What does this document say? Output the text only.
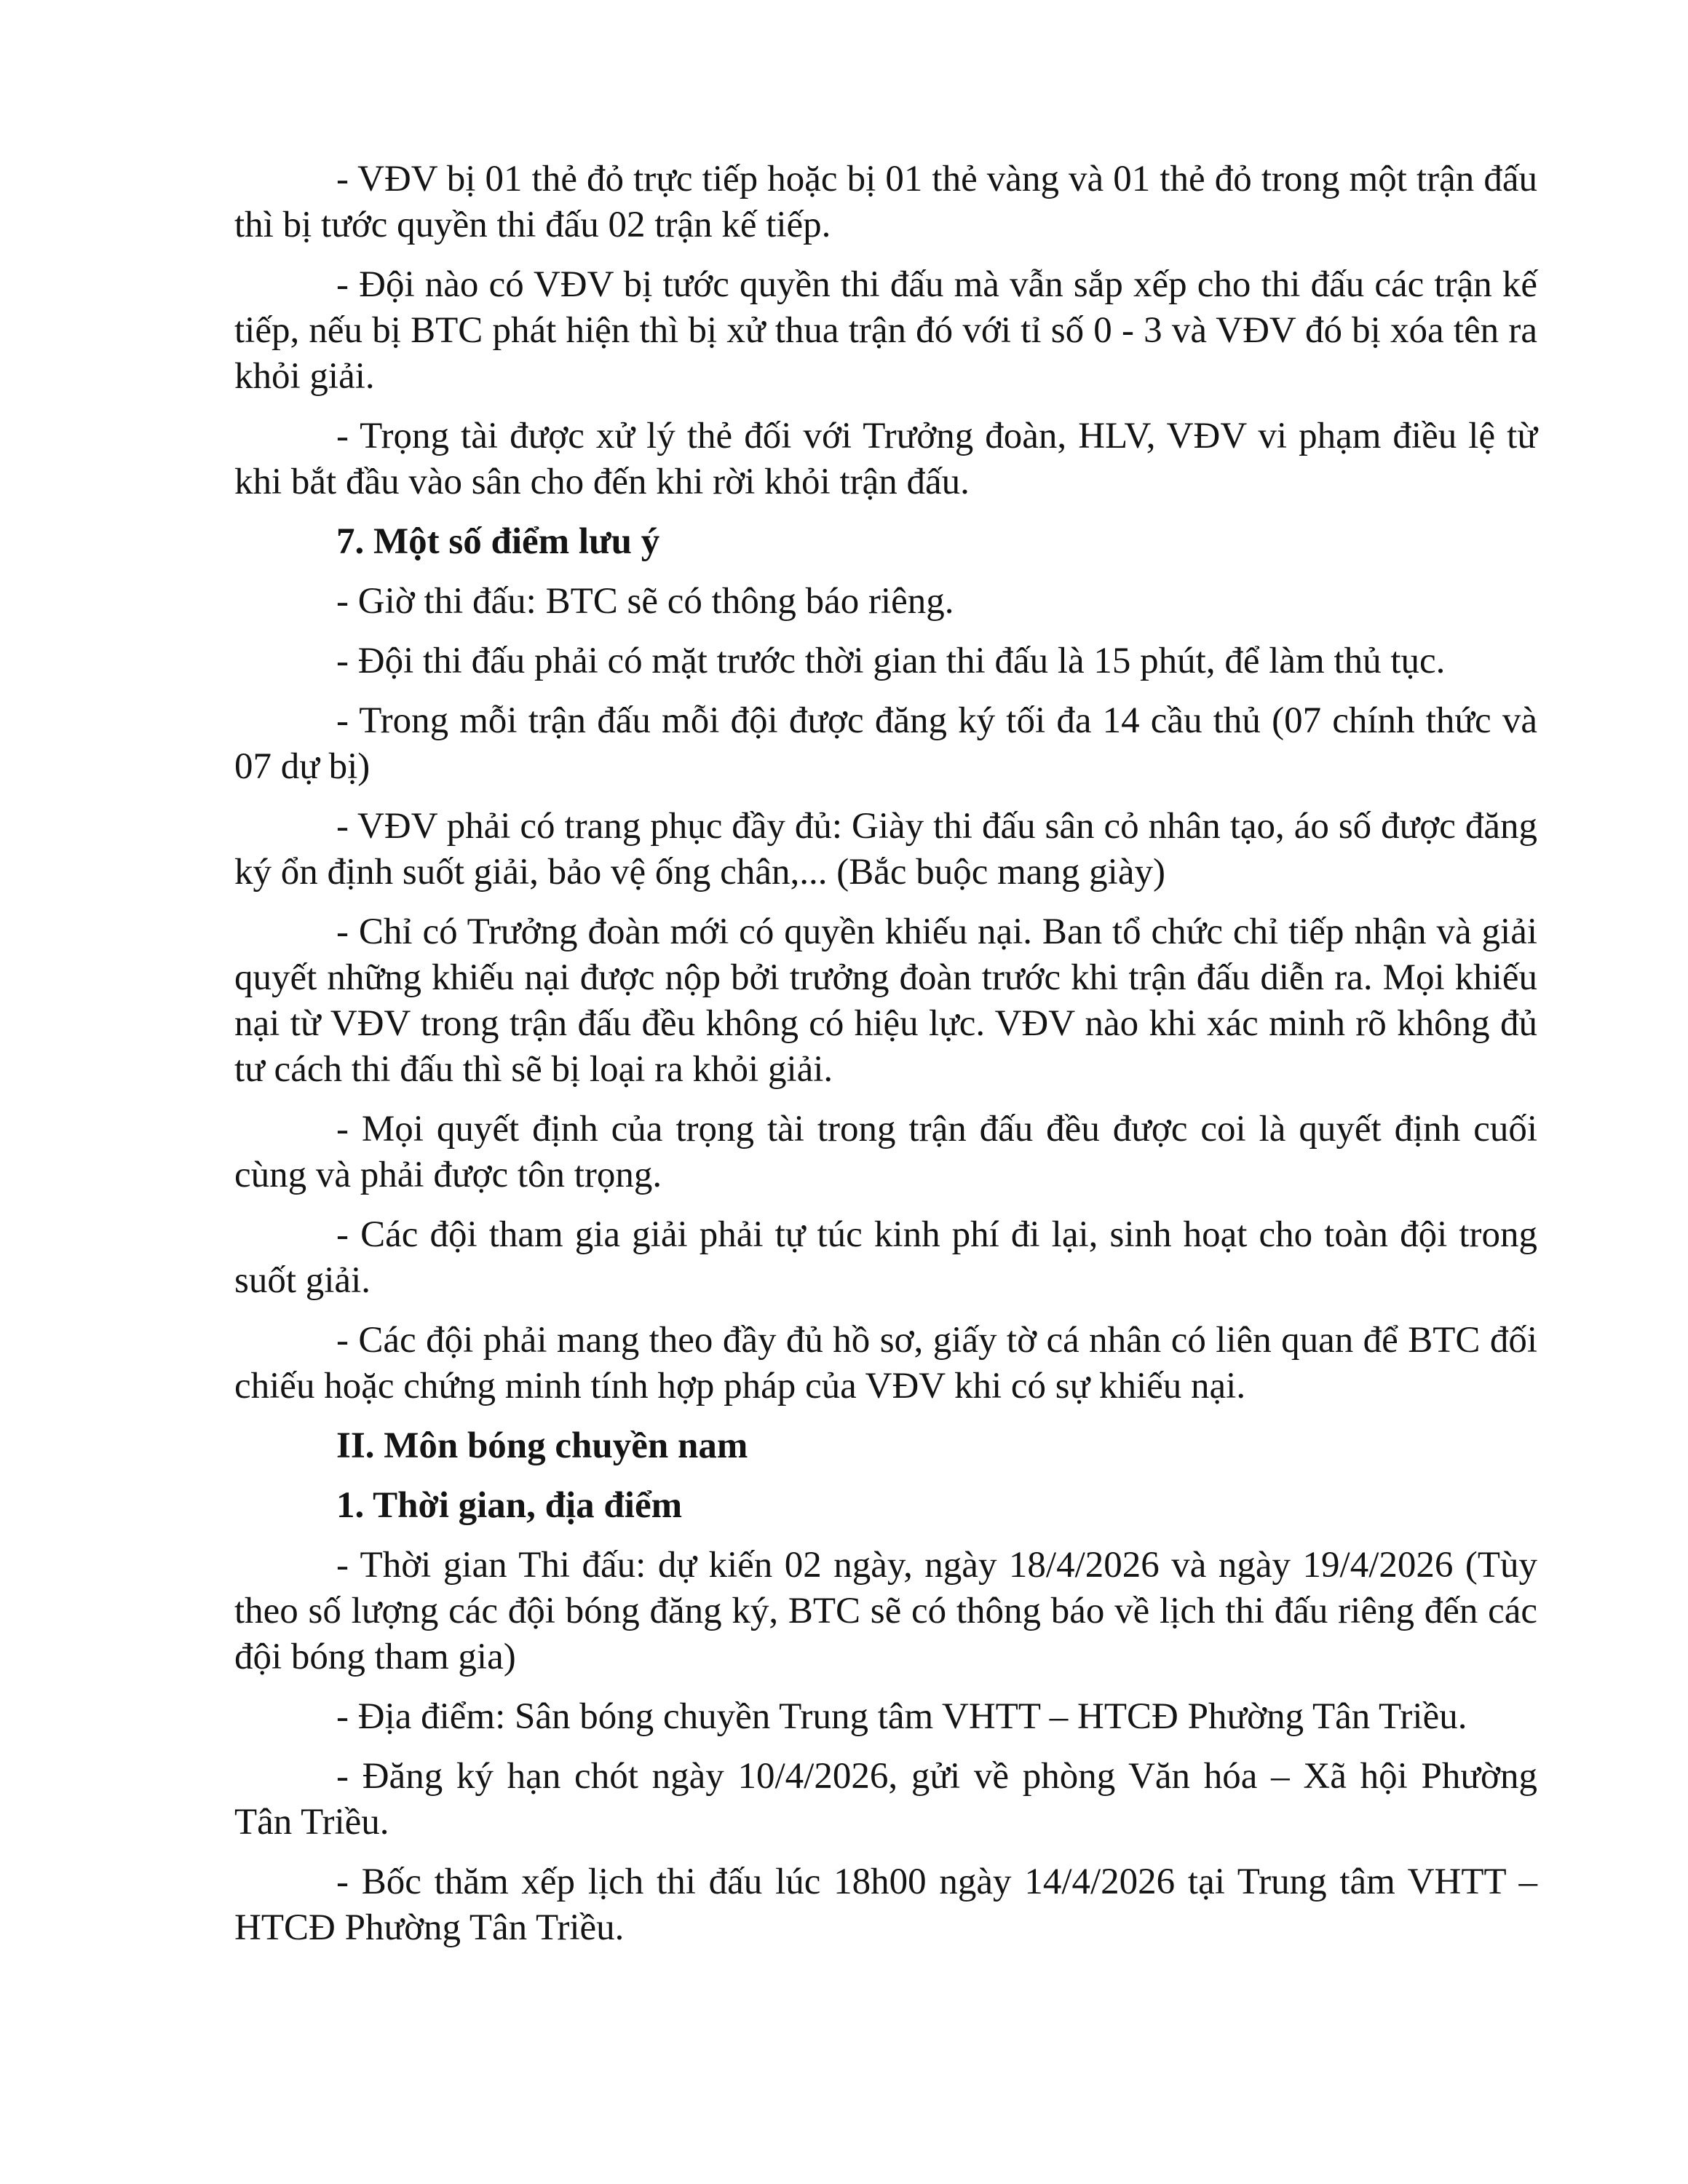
- VĐV bị 01 thẻ đỏ trực tiếp hoặc bị 01 thẻ vàng và 01 thẻ đỏ trong một trận đấu thì bị tước quyền thi đấu 02 trận kế tiếp.
- Đội nào có VĐV bị tước quyền thi đấu mà vẫn sắp xếp cho thi đấu các trận kế tiếp, nếu bị BTC phát hiện thì bị xử thua trận đó với tỉ số 0 - 3 và VĐV đó bị xóa tên ra khỏi giải.
- Trọng tài được xử lý thẻ đối với Trưởng đoàn, HLV, VĐV vi phạm điều lệ từ khi bắt đầu vào sân cho đến khi rời khỏi trận đấu.
7. Một số điểm lưu ý
- Giờ thi đấu: BTC sẽ có thông báo riêng.
- Đội thi đấu phải có mặt trước thời gian thi đấu là 15 phút, để làm thủ tục.
- Trong mỗi trận đấu mỗi đội được đăng ký tối đa 14 cầu thủ (07 chính thức và 07 dự bị)
- VĐV phải có trang phục đầy đủ: Giày thi đấu sân cỏ nhân tạo, áo số được đăng ký ổn định suốt giải, bảo vệ ống chân,... (Bắc buộc mang giày)
- Chỉ có Trưởng đoàn mới có quyền khiếu nại. Ban tổ chức chỉ tiếp nhận và giải quyết những khiếu nại được nộp bởi trưởng đoàn trước khi trận đấu diễn ra. Mọi khiếu nại từ VĐV trong trận đấu đều không có hiệu lực. VĐV nào khi xác minh rõ không đủ tư cách thi đấu thì sẽ bị loại ra khỏi giải.
- Mọi quyết định của trọng tài trong trận đấu đều được coi là quyết định cuối cùng và phải được tôn trọng.
- Các đội tham gia giải phải tự túc kinh phí đi lại, sinh hoạt cho toàn đội trong suốt giải.
- Các đội phải mang theo đầy đủ hồ sơ, giấy tờ cá nhân có liên quan để BTC đối chiếu hoặc chứng minh tính hợp pháp của VĐV khi có sự khiếu nại.
II. Môn bóng chuyền nam
1. Thời gian, địa điểm
- Thời gian Thi đấu: dự kiến 02 ngày, ngày 18/4/2026 và ngày 19/4/2026 (Tùy theo số lượng các đội bóng đăng ký, BTC sẽ có thông báo về lịch thi đấu riêng đến các đội bóng tham gia)
- Địa điểm: Sân bóng chuyền Trung tâm VHTT – HTCĐ Phường Tân Triều.
- Đăng ký hạn chót ngày 10/4/2026, gửi về phòng Văn hóa – Xã hội Phường Tân Triều.
- Bốc thăm xếp lịch thi đấu lúc 18h00 ngày 14/4/2026 tại Trung tâm VHTT – HTCĐ Phường Tân Triều.
